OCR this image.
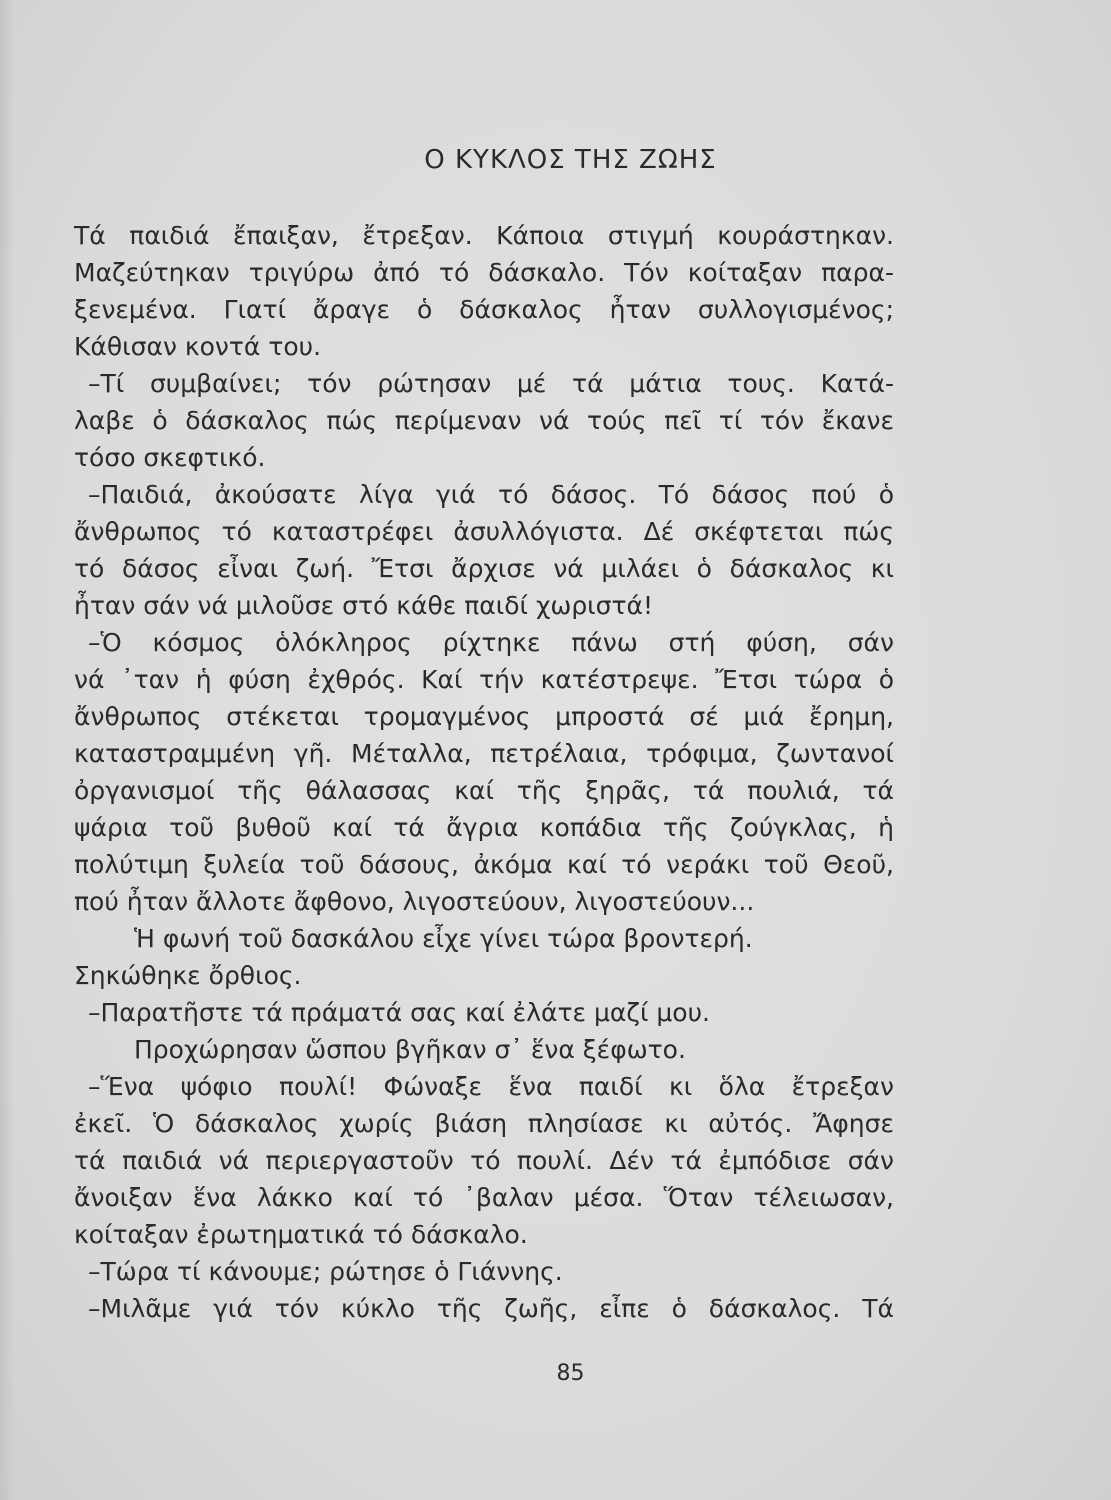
Ο ΚΥΚΛΟΣ ΤΗΣ ΖΩΗΣ
Τά παιδιά ἔπαιξαν, ἔτρεξαν. Κάποια στιγμή κουράστηκαν.
Μαζεύτηκαν τριγύρω ἀπό τό δάσκαλο. Τόν κοίταξαν παρα-
ξενεμένα. Γιατί ἄραγε ὁ δάσκαλος ἦταν συλλογισμένος;
Κάθισαν κοντά του.
–Τί συμβαίνει; τόν ρώτησαν μέ τά μάτια τους. Κατά-
λαβε ὁ δάσκαλος πώς περίμεναν νά τούς πεῖ τί τόν ἔκανε
τόσο σκεφτικό.
–Παιδιά, ἀκούσατε λίγα γιά τό δάσος. Τό δάσος πού ὁ
ἄνθρωπος τό καταστρέφει ἀσυλλόγιστα. Δέ σκέφτεται πώς
τό δάσος εἶναι ζωή. Ἔτσι ἄρχισε νά μιλάει ὁ δάσκαλος κι
ἦταν σάν νά μιλοῦσε στό κάθε παιδί χωριστά!
–Ὁ κόσμος ὁλόκληρος ρίχτηκε πάνω στή φύση, σάν
νά ᾽ταν ἡ φύση ἐχθρός. Καί τήν κατέστρεψε. Ἔτσι τώρα ὁ
ἄνθρωπος στέκεται τρομαγμένος μπροστά σέ μιά ἔρημη,
καταστραμμένη γῆ. Μέταλλα, πετρέλαια, τρόφιμα, ζωντανοί
ὀργανισμοί τῆς θάλασσας καί τῆς ξηρᾶς, τά πουλιά, τά
ψάρια τοῦ βυθοῦ καί τά ἄγρια κοπάδια τῆς ζούγκλας, ἡ
πολύτιμη ξυλεία τοῦ δάσους, ἀκόμα καί τό νεράκι τοῦ Θεοῦ,
πού ἦταν ἄλλοτε ἄφθονο, λιγοστεύουν, λιγοστεύουν...
Ἡ φωνή τοῦ δασκάλου εἶχε γίνει τώρα βροντερή.
Σηκώθηκε ὄρθιος.
–Παρατῆστε τά πράματά σας καί ἐλάτε μαζί μου.
Προχώρησαν ὥσπου βγῆκαν σ᾽ ἕνα ξέφωτο.
–Ἕνα ψόφιο πουλί! Φώναξε ἕνα παιδί κι ὅλα ἔτρεξαν
ἐκεῖ. Ὁ δάσκαλος χωρίς βιάση πλησίασε κι αὐτός. Ἄφησε
τά παιδιά νά περιεργαστοῦν τό πουλί. Δέν τά ἐμπόδισε σάν
ἄνοιξαν ἕνα λάκκο καί τό ᾽βαλαν μέσα. Ὅταν τέλειωσαν,
κοίταξαν ἐρωτηματικά τό δάσκαλο.
–Τώρα τί κάνουμε; ρώτησε ὁ Γιάννης.
–Μιλᾶμε γιά τόν κύκλο τῆς ζωῆς, εἶπε ὁ δάσκαλος. Τά
85
